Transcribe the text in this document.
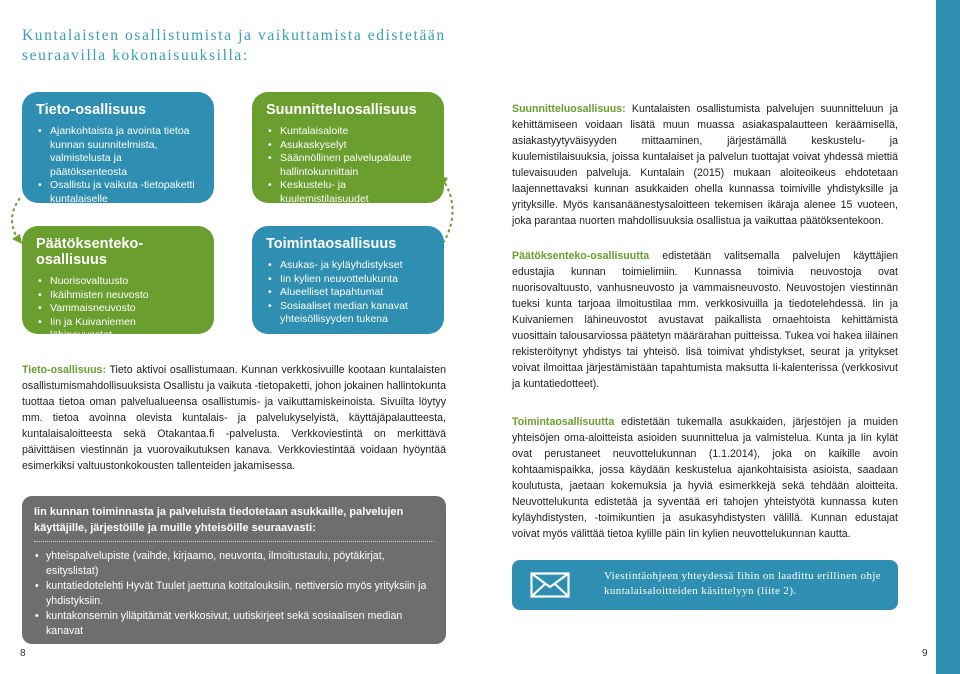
Kuntalaisten osallistumista ja vaikuttamista edistetään
seuraavilla kokonaisuuksilla:
Tieto-osallisuus
• Ajankohtaista ja avointa tietoa kunnan suunnitelmista, valmistelusta ja päätöksenteosta
• Osallistu ja vaikuta -tietopaketti kuntalaiselle
Suunnitteluosallisuus
• Kuntalaisaloite
• Asukaskyselyt
• Säännöllinen palvelupalaute hallintokunnittain
• Keskustelu- ja kuulemistilaisuudet
Päätöksenteko-osallisuus
• Nuorisovaltuusto
• Ikäihmisten neuvosto
• Vammaisneuvosto
• Iin ja Kuivaniemen lähineuvostot
Toimintaosallisuus
• Asukas- ja kyläyhdistykset
• Iin kylien neuvottelukunta
• Alueelliset tapahtumat
• Sosiaaliset median kanavat yhteisöllisyyden tukena
Tieto-osallisuus: Tieto aktivoi osallistumaan. Kunnan verkkosivuille kootaan kuntalaisten osallistumismahdollisuuksista Osallistu ja vaikuta -tietopaketti, johon jokainen hallintokunta tuottaa tietoa oman palvelualueensa osallistumis- ja vaikuttamiskeinoista. Sivuilta löytyy mm. tietoa avoinna olevista kuntalais- ja palvelukyselyistä, käyttäjäpalautteesta, kuntalaisaloitteesta sekä Otakantaa.fi -palvelusta. Verkkoviestintä on merkittävä päivittäisen viestinnän ja vuorovaikutuksen kanava. Verkkoviestintää voidaan hyöyntää esimerkiksi valtuustonkokousten tallenteiden jakamisessa.
Suunnitteluosallisuus: Kuntalaisten osallistumista palvelujen suunnitteluun ja kehittämiseen voidaan lisätä muun muassa asiakaspalautteen keräämisellä, asiakastyytyväisyyden mittaaminen, järjestämällä keskustelu- ja kuulemistilaisuuksia, joissa kuntalaiset ja palvelun tuottajat voivat yhdessä miettiä tulevaisuuden palveluja. Kuntalain (2015) mukaan aloiteoikeus ehdotetaan laajennettavaksi kunnan asukkaiden ohella kunnassa toimiville yhdistyksille ja yrityksille. Myös kansanäänestysaloitteen tekemisen ikäraja alenee 15 vuoteen, joka parantaa nuorten mahdollisuuksia osallistua ja vaikuttaa päätöksentekoon.
Päätöksenteko-osallisuutta edistetään valitsemalla palvelujen käyttäjien edustajia kunnan toimielimiin. Kunnassa toimivia neuvostoja ovat nuorisovaltuusto, vanhusneuvosto ja vammaisneuvosto. Neuvostojen viestinnän tueksi kunta tarjoaa ilmoitustilaa mm. verkkosivuilla ja tiedotelehdessä. Iin ja Kuivaniemen lähineuvostot avustavat paikallista omaehtoista kehittämistä vuosittain talousarviossa päätetyn määrärahan puitteissa. Tukea voi hakea iiläinen rekisteröitynyt yhdistys tai yhteisö. Iisä toimivat yhdistykset, seurat ja yritykset voivat ilmoittaa järjestämistään tapahtumista maksutta Ii-kalenterissa (verkkosivut ja kuntatiedotteet).
Toimintaosallisuutta edistetään tukemalla asukkaiden, järjestöjen ja muiden yhteisöjen oma-aloitteista asioiden suunnittelua ja valmistelua. Kunta ja Iin kylät ovat perustaneet neuvottelukunnan (1.1.2014), joka on kaikille avoin kohtaamispaikka, jossa käydään keskustelua ajankohtaisista asioista, saadaan koulutusta, jaetaan kokemuksia ja hyviä esimerkkejä sekä tehdään aloitteita. Neuvottelukunta edistetää ja syventää eri tahojen yhteistyötä kunnassa kuten kyläyhdistysten, -toimikuntien ja asukasyhdistysten välillä. Kunnan edustajat voivat myös välittää tietoa kylille päin Iin kylien neuvottelukunnan kautta.
Iin kunnan toiminnasta ja palveluista tiedotetaan asukkaille, palvelujen käyttäjille, järjestöille ja muille yhteisöille seuraavasti:
• yhteispalvelupiste (vaihde, kirjaamo, neuvonta, ilmoitustaulu, pöytäkirjat, esityslistat)
• kuntatiedotelehti Hyvät Tuulet jaettuna kotitalouksiin, nettiversio myös yrityksiin ja yhdistyksiin.
• kuntakonsernin ylläpitämät verkkosivut, uutiskirjeet sekä sosiaalisen median kanavat
Viestintäohjeen yhteydessä Iihin on laadittu erillinen ohje kuntalaisaloitteiden käsittelyyn (liite 2).
8	9
